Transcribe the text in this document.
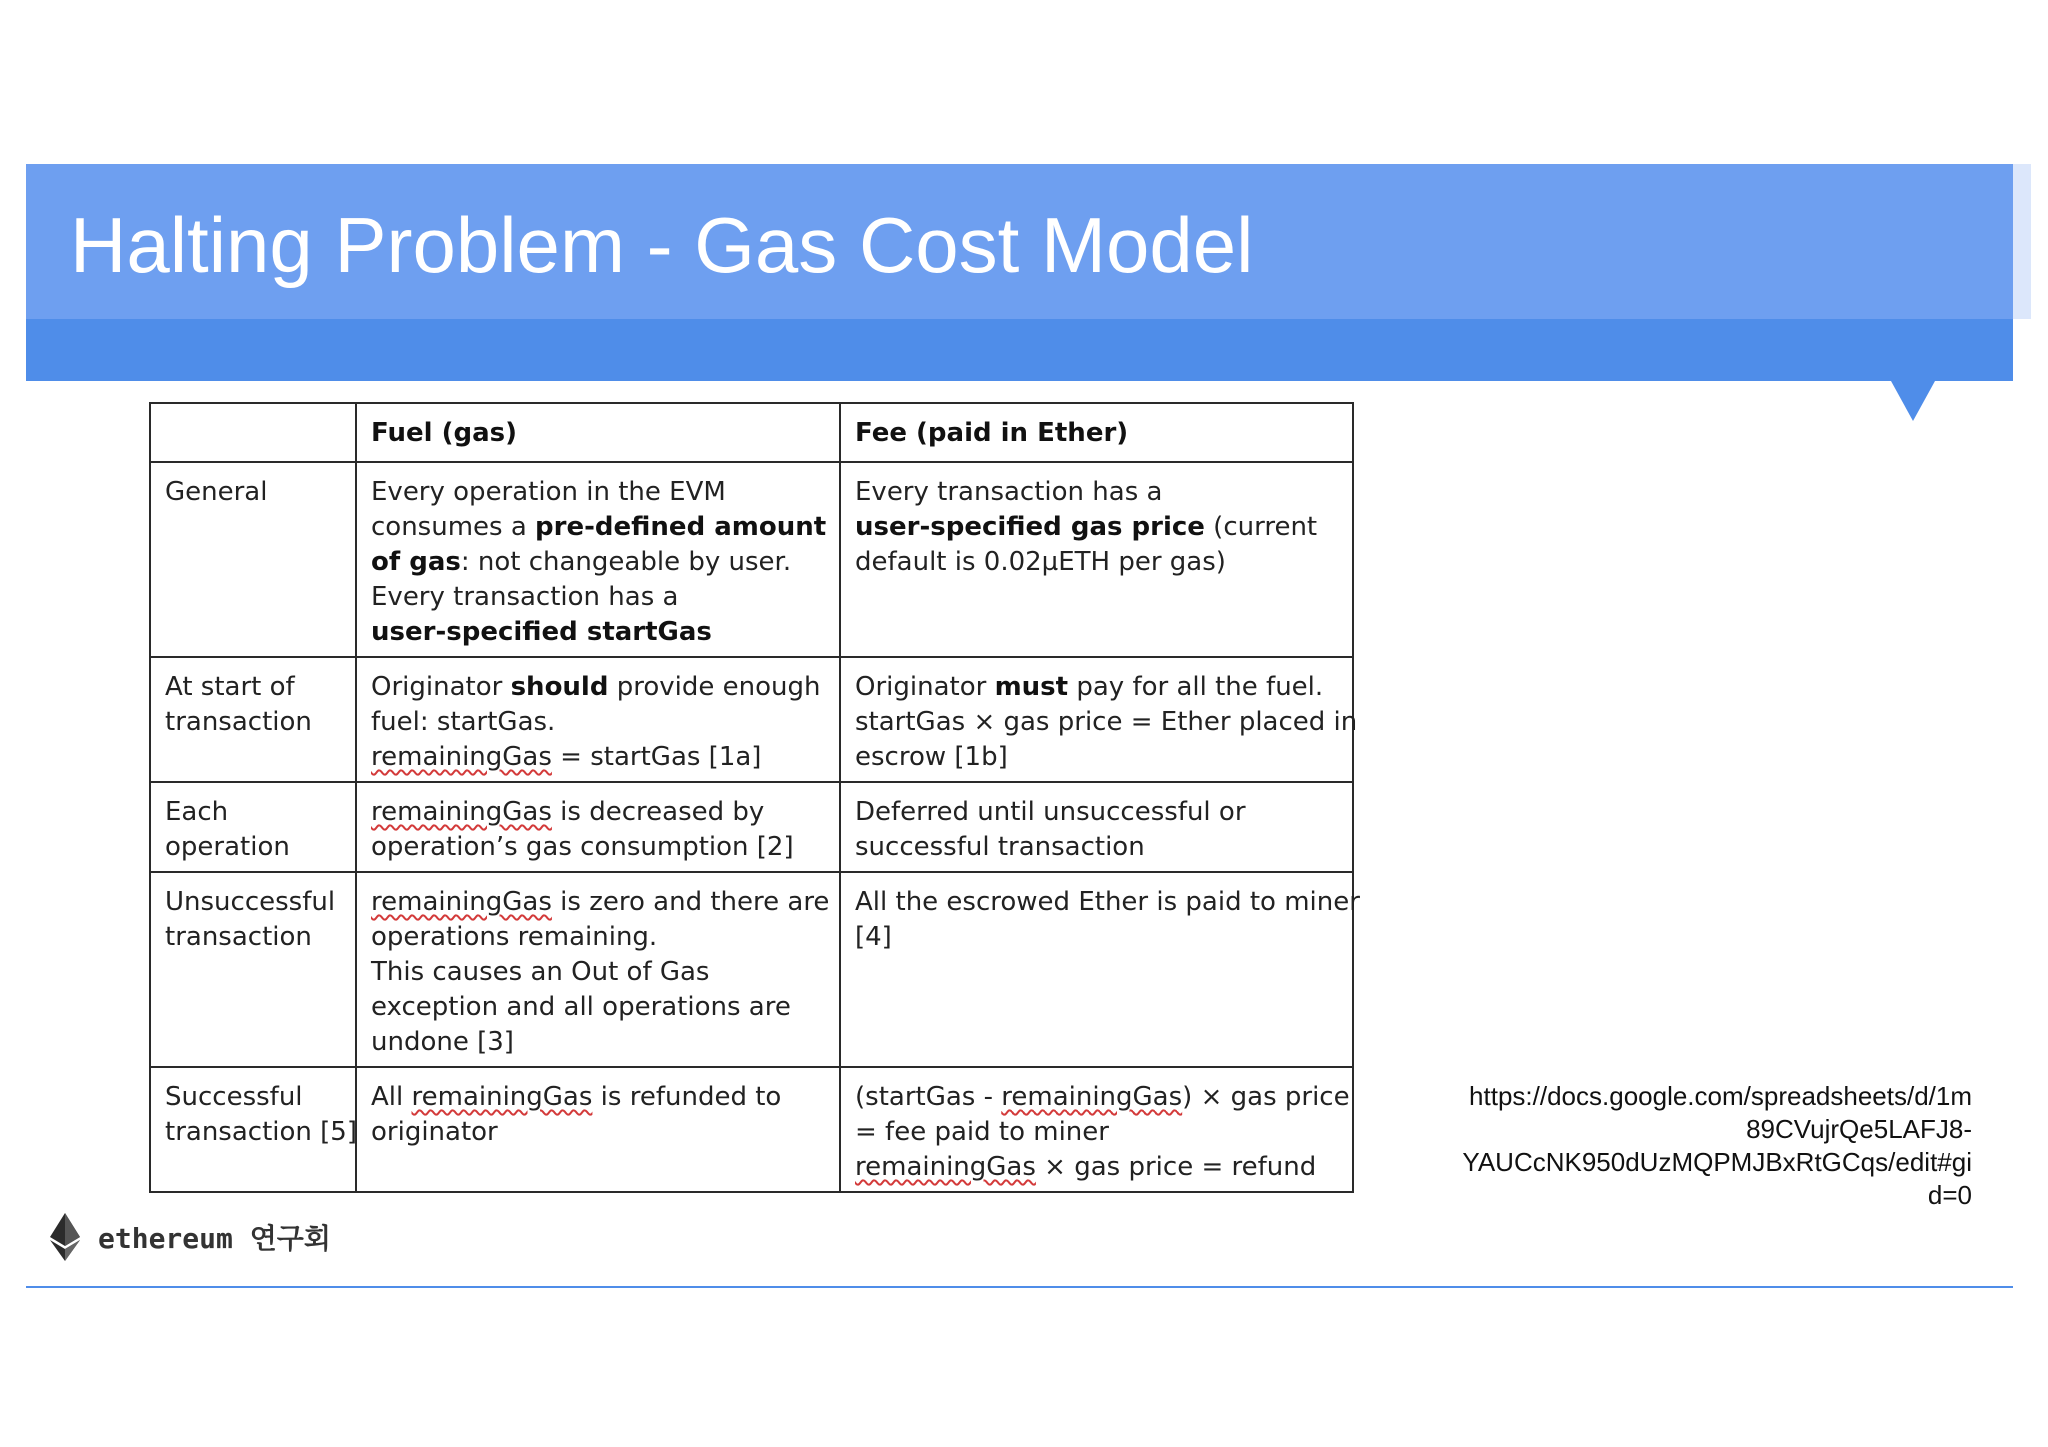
Halting Problem - Gas Cost Model
	Fuel (gas)	Fee (paid in Ether)

General	Every operation in the EVM
consumes a pre-defined amount
of gas: not changeable by user.
Every transaction has a
user-specified startGas	Every transaction has a
user-specified gas price (current
default is 0.02µETH per gas)

At start of
transaction	Originator should provide enough
fuel: startGas.
remainingGas = startGas [1a]	Originator must pay for all the fuel.
startGas × gas price = Ether placed in
escrow [1b]

Each
operation	remainingGas is decreased by
operation’s gas consumption [2]	Deferred until unsuccessful or
successful transaction

Unsuccessful
transaction	remainingGas is zero and there are
operations remaining.
This causes an Out of Gas
exception and all operations are
undone [3]	All the escrowed Ether is paid to miner
[4]

Successful
transaction [5]	All remainingGas is refunded to
originator	(startGas - remainingGas) × gas price
= fee paid to miner
remainingGas × gas price = refund
ethereum 연구회
https://docs.google.com/spreadsheets/d/1m
89CVujrQe5LAFJ8-
YAUCcNK950dUzMQPMJBxRtGCqs/edit#gi
d=0
